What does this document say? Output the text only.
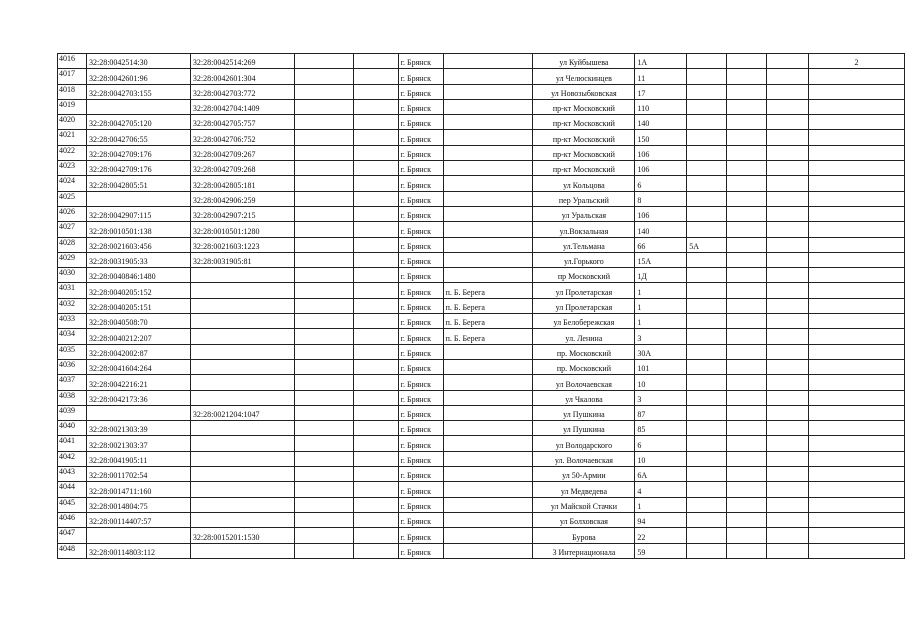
4016	32:28:0042514:30	32:28:0042514:269			г. Брянск		ул Куйбышева	1А				2
4017	32:28:0042601:96	32:28:0042601:304			г. Брянск		ул Челюскинцев	11				
4018	32:28:0042703:155	32:28:0042703:772			г. Брянск		ул Новозыбковская	17				
4019		32:28:0042704:1409			г. Брянск		пр-кт Московский	110				
4020	32:28:0042705:120	32:28:0042705:757			г. Брянск		пр-кт Московский	140				
4021	32:28:0042706:55	32:28:0042706:752			г. Брянск		пр-кт Московский	150				
4022	32:28:0042709:176	32:28:0042709:267			г. Брянск		пр-кт Московский	106				
4023	32:28:0042709:176	32:28:0042709:268			г. Брянск		пр-кт Московский	106				
4024	32:28:0042805:51	32:28:0042805:181			г. Брянск		ул Кольцова	6				
4025		32:28:0042906:259			г. Брянск		пер Уральский	8				
4026	32:28:0042907:115	32:28:0042907:215			г. Брянск		ул Уральская	106				
4027	32:28:0010501:138	32:28:0010501:1280			г. Брянск		ул.Вокзальная	140				
4028	32:28:0021603:456	32:28:0021603:1223			г. Брянск		ул.Тельмана	66	5А			
4029	32:28:0031905:33	32:28:0031905:81			г. Брянск		ул.Горького	15А				
4030	32:28:0040846:1480				г. Брянск		пр Московский	1Д				
4031	32:28:0040205:152				г. Брянск	п. Б. Берега	ул Пролетарская	1				
4032	32:28:0040205:151				г. Брянск	п. Б. Берега	ул Пролетарская	1				
4033	32:28:0040508:70				г. Брянск	п. Б. Берега	ул Белобережская	1				
4034	32:28:0040212:207				г. Брянск	п. Б. Берега	ул. Ленина	3				
4035	32:28:0042002:87				г. Брянск		пр. Московский	30А				
4036	32:28:0041604:264				г. Брянск		пр. Московский	101				
4037	32:28:0042216:21				г. Брянск		ул Волочаевская	10				
4038	32:28:0042173:36				г. Брянск		ул Чкалова	3				
4039		32:28:0021204:1047			г. Брянск		ул Пушкина	87				
4040	32:28:0021303:39				г. Брянск		ул Пушкина	85				
4041	32:28:0021303:37				г. Брянск		ул Володарского	6				
4042	32:28:0041905:11				г. Брянск		ул. Волочаевская	10				
4043	32:28:0011702:54				г. Брянск		ул 50-Армии	6А				
4044	32:28:0014711:160				г. Брянск		ул Медведева	4				
4045	32:28:0014804:75				г. Брянск		ул Майской Стачки	1				
4046	32:28:00114407:57				г. Брянск		ул Болховская	94				
4047		32:28:0015201:1530			г. Брянск		Бурова	22				
4048	32:28:00114803:112				г. Брянск		3 Интернационала	59				
